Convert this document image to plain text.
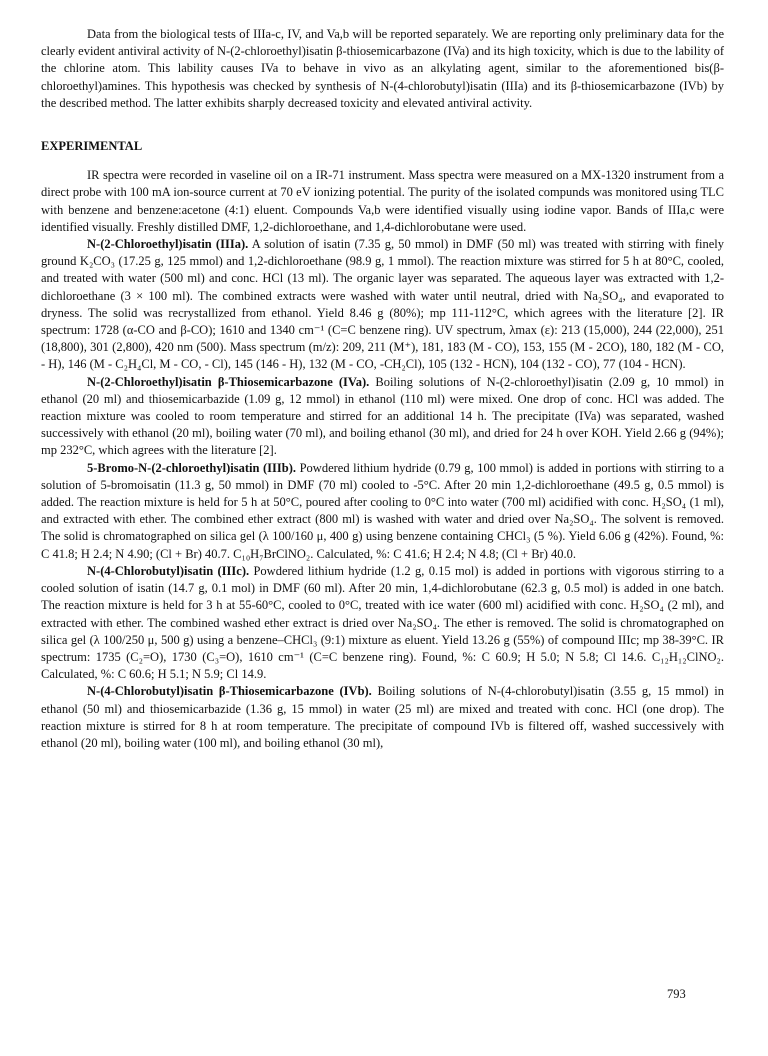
Data from the biological tests of IIIa-c, IV, and Va,b will be reported separately. We are reporting only preliminary data for the clearly evident antiviral activity of N-(2-chloroethyl)isatin β-thiosemicarbazone (IVa) and its high toxicity, which is due to the lability of the chlorine atom. This lability causes IVa to behave in vivo as an alkylating agent, similar to the aforementioned bis(β-chloroethyl)amines. This hypothesis was checked by synthesis of N-(4-chlorobutyl)isatin (IIIa) and its β-thiosemicarbazone (IVb) by the described method. The latter exhibits sharply decreased toxicity and elevated antiviral activity.

EXPERIMENTAL

IR spectra were recorded in vaseline oil on a IR-71 instrument. Mass spectra were measured on a MX-1320 instrument from a direct probe with 100 mA ion-source current at 70 eV ionizing potential. The purity of the isolated compunds was monitored using TLC with benzene and benzene:acetone (4:1) eluent. Compounds Va,b were identified visually using iodine vapor. Bands of IIIa,c were identified visually. Freshly distilled DMF, 1,2-dichloroethane, and 1,4-dichlorobutane were used.

N-(2-Chloroethyl)isatin (IIIa). A solution of isatin (7.35 g, 50 mmol) in DMF (50 ml) was treated with stirring with finely ground K₂CO₃ (17.25 g, 125 mmol) and 1,2-dichloroethane (98.9 g, 1 mmol). The reaction mixture was stirred for 5 h at 80°C, cooled, and treated with water (500 ml) and conc. HCl (13 ml). The organic layer was separated. The aqueous layer was extracted with 1,2-dichloroethane (3 × 100 ml). The combined extracts were washed with water until neutral, dried with Na₂SO₄, and evaporated to dryness. The solid was recrystallized from ethanol. Yield 8.46 g (80%); mp 111-112°C, which agrees with the literature [2]. IR spectrum: 1728 (α-CO and β-CO); 1610 and 1340 cm⁻¹ (C=C benzene ring). UV spectrum, λmax (ε): 213 (15,000), 244 (22,000), 251 (18,800), 301 (2,800), 420 nm (500). Mass spectrum (m/z): 209, 211 (M⁺), 181, 183 (M - CO), 153, 155 (M - 2CO), 180, 182 (M - CO, - H), 146 (M - C₂H₄Cl, M - CO, - Cl), 145 (146 - H), 132 (M - CO, -CH₂Cl), 105 (132 - HCN), 104 (132 - CO), 77 (104 - HCN).

N-(2-Chloroethyl)isatin β-Thiosemicarbazone (IVa). Boiling solutions of N-(2-chloroethyl)isatin (2.09 g, 10 mmol) in ethanol (20 ml) and thiosemicarbazide (1.09 g, 12 mmol) in ethanol (110 ml) were mixed. One drop of conc. HCl was added. The reaction mixture was cooled to room temperature and stirred for an additional 14 h. The precipitate (IVa) was separated, washed successively with ethanol (20 ml), boiling water (70 ml), and boiling ethanol (30 ml), and dried for 24 h over KOH. Yield 2.66 g (94%); mp 232°C, which agrees with the literature [2].

5-Bromo-N-(2-chloroethyl)isatin (IIIb). Powdered lithium hydride (0.79 g, 100 mmol) is added in portions with stirring to a solution of 5-bromoisatin (11.3 g, 50 mmol) in DMF (70 ml) cooled to -5°C. After 20 min 1,2-dichloroethane (49.5 g, 0.5 mmol) is added. The reaction mixture is held for 5 h at 50°C, poured after cooling to 0°C into water (700 ml) acidified with conc. H₂SO₄ (1 ml), and extracted with ether. The combined ether extract (800 ml) is washed with water and dried over Na₂SO₄. The solvent is removed. The solid is chromatographed on silica gel (λ 100/160 μ, 400 g) using benzene containing CHCl₃ (5 %). Yield 6.06 g (42%). Found, %: C 41.8; H 2.4; N 4.90; (Cl + Br) 40.7. C₁₀H₇BrClNO₂. Calculated, %: C 41.6; H 2.4; N 4.8; (Cl + Br) 40.0.

N-(4-Chlorobutyl)isatin (IIIc). Powdered lithium hydride (1.2 g, 0.15 mol) is added in portions with vigorous stirring to a cooled solution of isatin (14.7 g, 0.1 mol) in DMF (60 ml). After 20 min, 1,4-dichlorobutane (62.3 g, 0.5 mol) is added in one batch. The reaction mixture is held for 3 h at 55-60°C, cooled to 0°C, treated with ice water (600 ml) acidified with conc. H₂SO₄ (2 ml), and extracted with ether. The combined washed ether extract is dried over Na₂SO₄. The ether is removed. The solid is chromatographed on silica gel (λ 100/250 μ, 500 g) using a benzene–CHCl₃ (9:1) mixture as eluent. Yield 13.26 g (55%) of compound IIIc; mp 38-39°C. IR spectrum: 1735 (C₂=O), 1730 (C₃=O), 1610 cm⁻¹ (C=C benzene ring). Found, %: C 60.9; H 5.0; N 5.8; Cl 14.6. C₁₂H₁₂ClNO₂. Calculated, %: C 60.6; H 5.1; N 5.9; Cl 14.9.

N-(4-Chlorobutyl)isatin β-Thiosemicarbazone (IVb). Boiling solutions of N-(4-chlorobutyl)isatin (3.55 g, 15 mmol) in ethanol (50 ml) and thiosemicarbazide (1.36 g, 15 mmol) in water (25 ml) are mixed and treated with conc. HCl (one drop). The reaction mixture is stirred for 8 h at room temperature. The precipitate of compound IVb is filtered off, washed successively with ethanol (20 ml), boiling water (100 ml), and boiling ethanol (30 ml),

793
